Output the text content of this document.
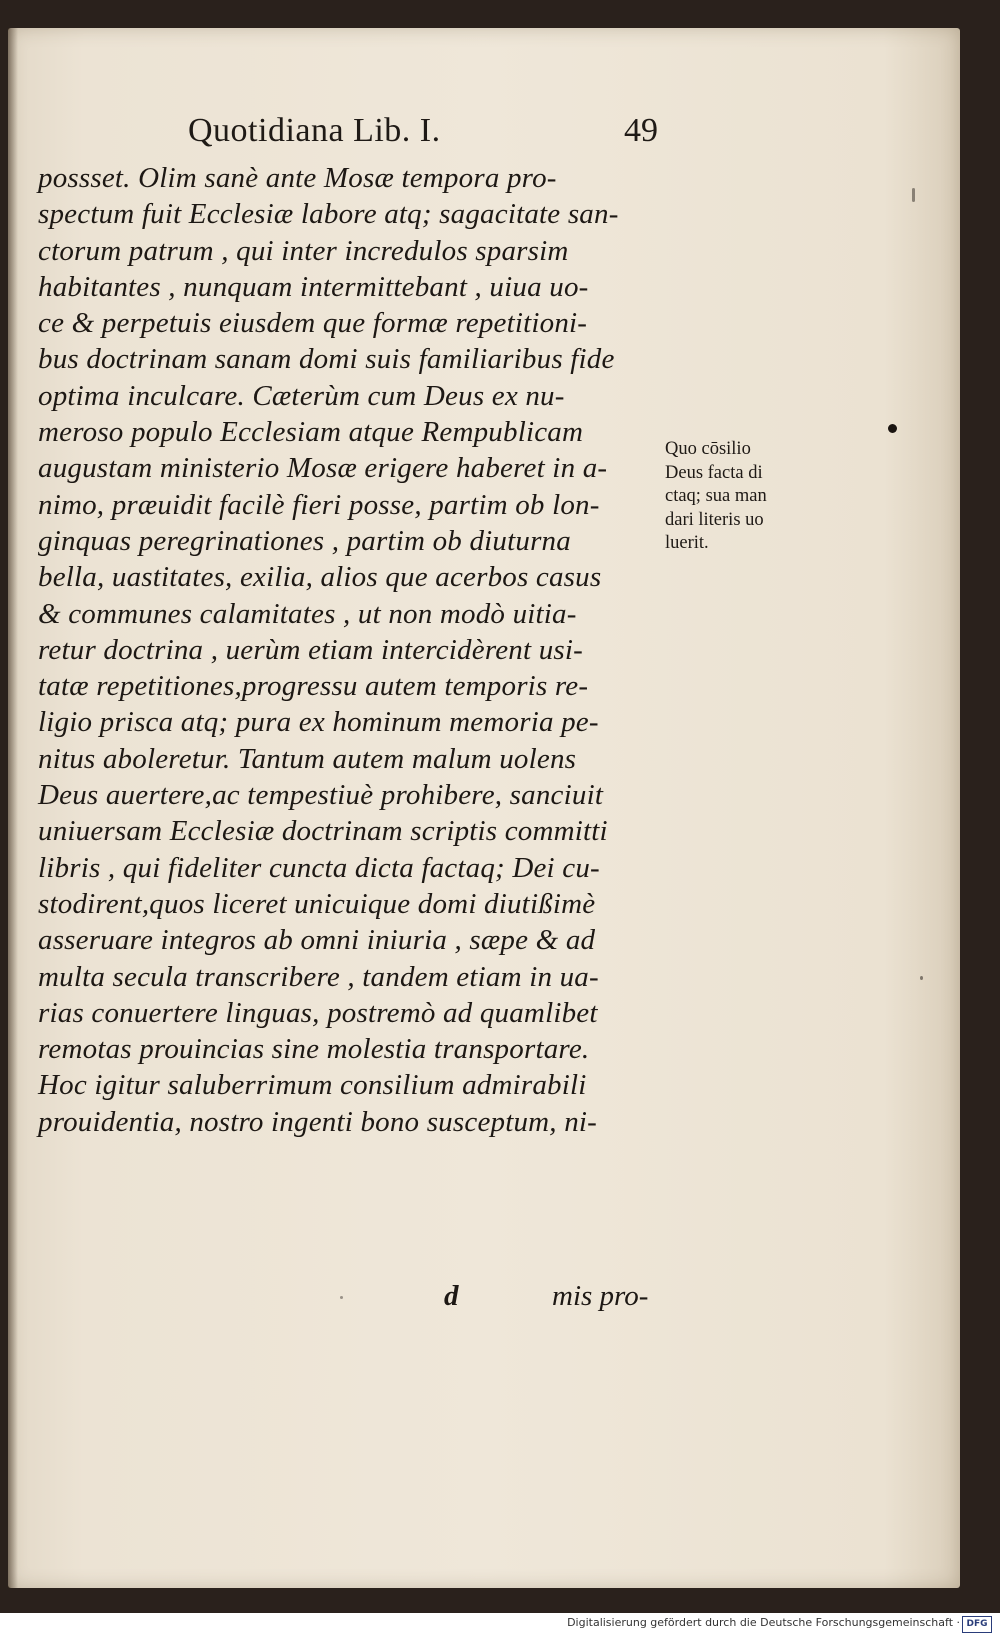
Quotidiana Lib. I.	49
possset. Olim sanè ante Mosæ tempora pro-
spectum fuit Ecclesiæ labore atq; sagacitate san-
ctorum patrum , qui inter incredulos sparsim
habitantes , nunquam intermittebant , uiua uo-
ce & perpetuis eiusdem que formæ repetitioni-
bus doctrinam sanam domi suis familiaribus fide
optima inculcare. Cæterùm cum Deus ex nu-
meroso populo Ecclesiam atque Rempublicam
augustam ministerio Mosæ erigere haberet in a-
nimo, præuidit facilè fieri posse, partim ob lon-
ginquas peregrinationes , partim ob diuturna
bella, uastitates, exilia, alios que acerbos casus
& communes calamitates , ut non modò uitia-
retur doctrina , uerùm etiam intercidèrent usi-
tatæ repetitiones,progressu autem temporis re-
ligio prisca atq; pura ex hominum memoria pe-
nitus aboleretur. Tantum autem malum uolens
Deus auertere,ac tempestiuè prohibere, sanciuit
uniuersam Ecclesiæ doctrinam scriptis committi
libris , qui fideliter cuncta dicta factaq; Dei cu-
stodirent,quos liceret unicuique domi diutißimè
asseruare integros ab omni iniuria , sæpe & ad
multa secula transcribere , tandem etiam in ua-
rias conuertere linguas, postremò ad quamlibet
remotas prouincias sine molestia transportare.
Hoc igitur saluberrimum consilium admirabili
prouidentia, nostro ingenti bono susceptum, ni-
Quo cōsilio
Deus facta di
ctaq; sua man
dari literis uo
luerit.
d	mis pro-
Digitalisierung gefördert durch die Deutsche Forschungsgemeinschaft · DFG
